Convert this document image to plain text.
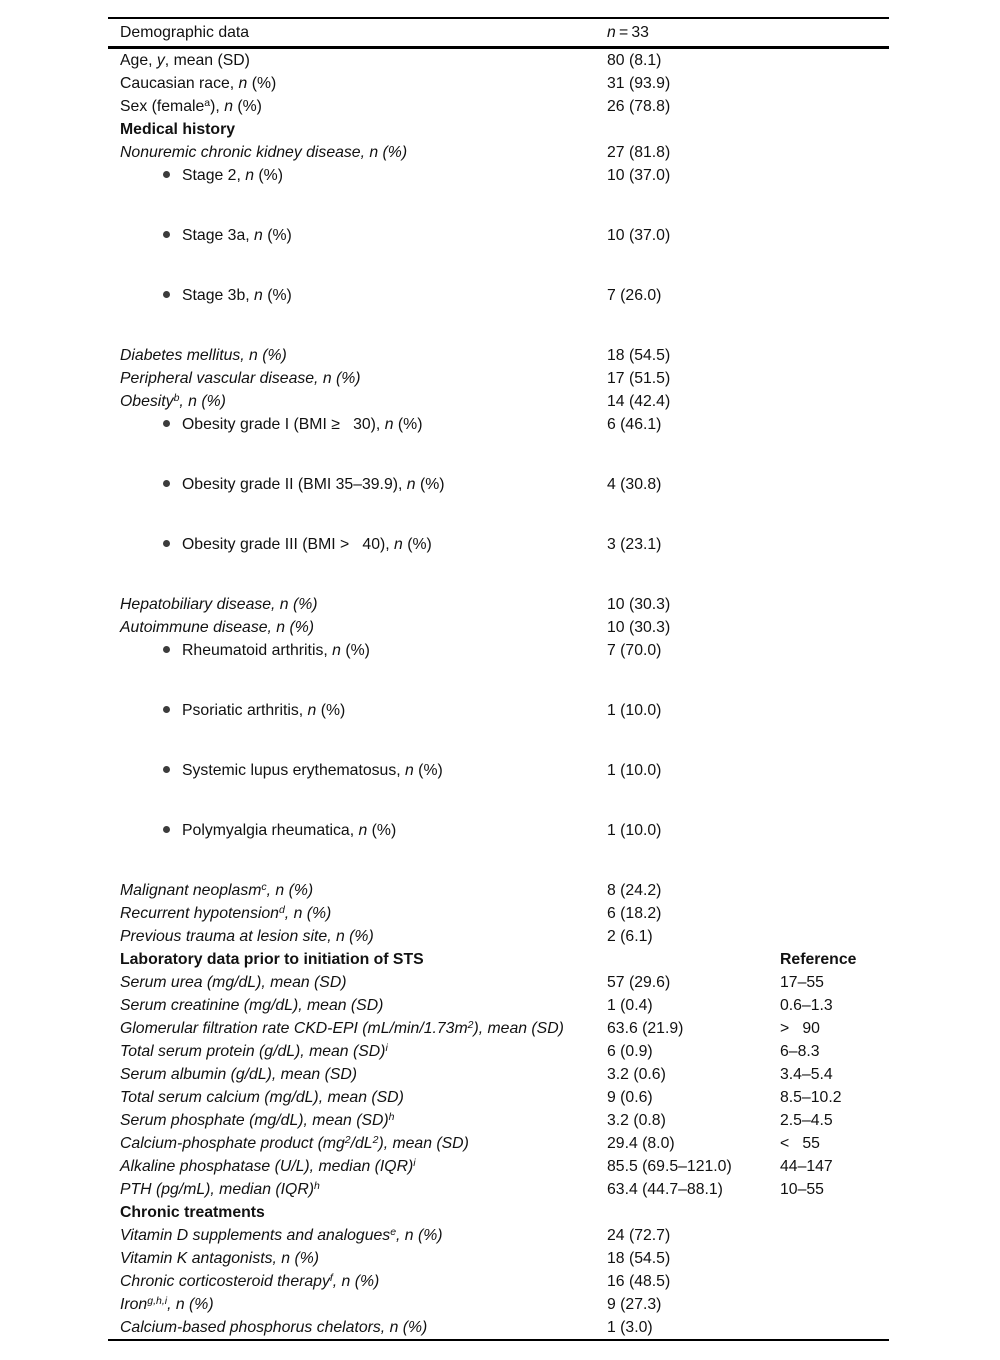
Demographic data	n = 33
Age, y, mean (SD)	80 (8.1)
Caucasian race, n (%)	31 (93.9)
Sex (female$^a$), n (%)	26 (78.8)
Medical history
Nonuremic chronic kidney disease, n (%)	27 (81.8)
Stage 2, n (%)	10 (37.0)
Stage 3a, n (%)	10 (37.0)
Stage 3b, n (%)	7 (26.0)
Diabetes mellitus, n (%)	18 (54.5)
Peripheral vascular disease, n (%)	17 (51.5)
Obesity$^b$, n (%)	14 (42.4)
Obesity grade I (BMI ≥   30), n (%)	6 (46.1)
Obesity grade II (BMI 35–39.9), n (%)	4 (30.8)
Obesity grade III (BMI >   40), n (%)	3 (23.1)
Hepatobiliary disease, n (%)	10 (30.3)
Autoimmune disease, n (%)	10 (30.3)
Rheumatoid arthritis, n (%)	7 (70.0)
Psoriatic arthritis, n (%)	1 (10.0)
Systemic lupus erythematosus, n (%)	1 (10.0)
Polymyalgia rheumatica, n (%)	1 (10.0)
Malignant neoplasm$^c$, n (%)	8 (24.2)
Recurrent hypotension$^d$, n (%)	6 (18.2)
Previous trauma at lesion site, n (%)	2 (6.1)
Laboratory data prior to initiation of STS	Reference
Serum urea (mg/dL), mean (SD)	57 (29.6)	17–55
Serum creatinine (mg/dL), mean (SD)	1 (0.4)	0.6–1.3
Glomerular filtration rate CKD-EPI $(mL/\min/1.73m^2)$, mean (SD)	63.6 (21.9)	>   90
Total serum protein (g/dL), mean (SD)$^i$	6 (0.9)	6–8.3
Serum albumin (g/dL), mean (SD)	3.2 (0.6)	3.4–5.4
Total serum calcium (mg/dL), mean (SD)	9 (0.6)	8.5–10.2
Serum phosphate (mg/dL), mean (SD)$^h$	3.2 (0.8)	2.5–4.5
Calcium-phosphate product $(mg^2/dL^2)$, mean (SD)	29.4 (8.0)	<   55
Alkaline phosphatase (U/L), median (IQR)$^i$	85.5 (69.5–121.0)	44–147
PTH (pg/mL), median (IQR)$^h$	63.4 (44.7–88.1)	10–55
Chronic treatments
Vitamin D supplements and analogues$^e$, n (%)	24 (72.7)
Vitamin K antagonists, n (%)	18 (54.5)
Chronic corticosteroid therapy$^f$, n (%)	16 (48.5)
Iron$^{g,h,i}$, n (%)	9 (27.3)
Calcium-based phosphorus chelators, n (%)	1 (3.0)
